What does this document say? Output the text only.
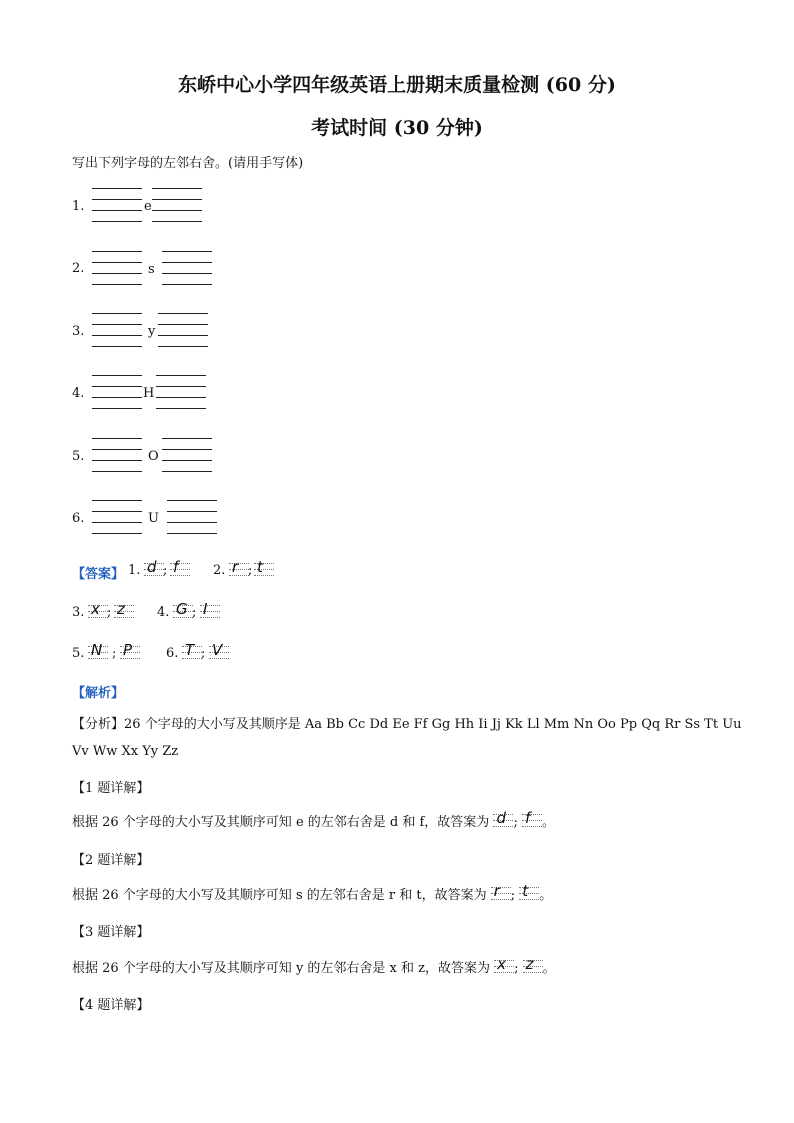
东峤中心小学四年级英语上册期末质量检测 (60 分)
考试时间 (30 分钟)
写出下列字母的左邻右舍。(请用手写体)
1.	e
2.	s
3.	y
4.	H
5.	O
6.	U
【答案】 1. d ; f	2. r ; t
3. x ; z 4. G ; I
5. N ; P	6. T ; V
【解析】
【分析】26 个字母的大小写及其顺序是 Aa Bb Cc Dd Ee Ff Gg Hh Ii Jj Kk Ll Mm Nn Oo Pp Qq Rr Ss Tt Uu
Vv Ww Xx Yy Zz
【1 题详解】
根据 26 个字母的大小写及其顺序可知 e 的左邻右舍是 d 和 f，故答案为 d ; f 。
【2 题详解】
根据 26 个字母的大小写及其顺序可知 s 的左邻右舍是 r 和 t，故答案为 r ; t 。
【3 题详解】
根据 26 个字母的大小写及其顺序可知 y 的左邻右舍是 x 和 z，故答案为 x ; z 。
【4 题详解】
